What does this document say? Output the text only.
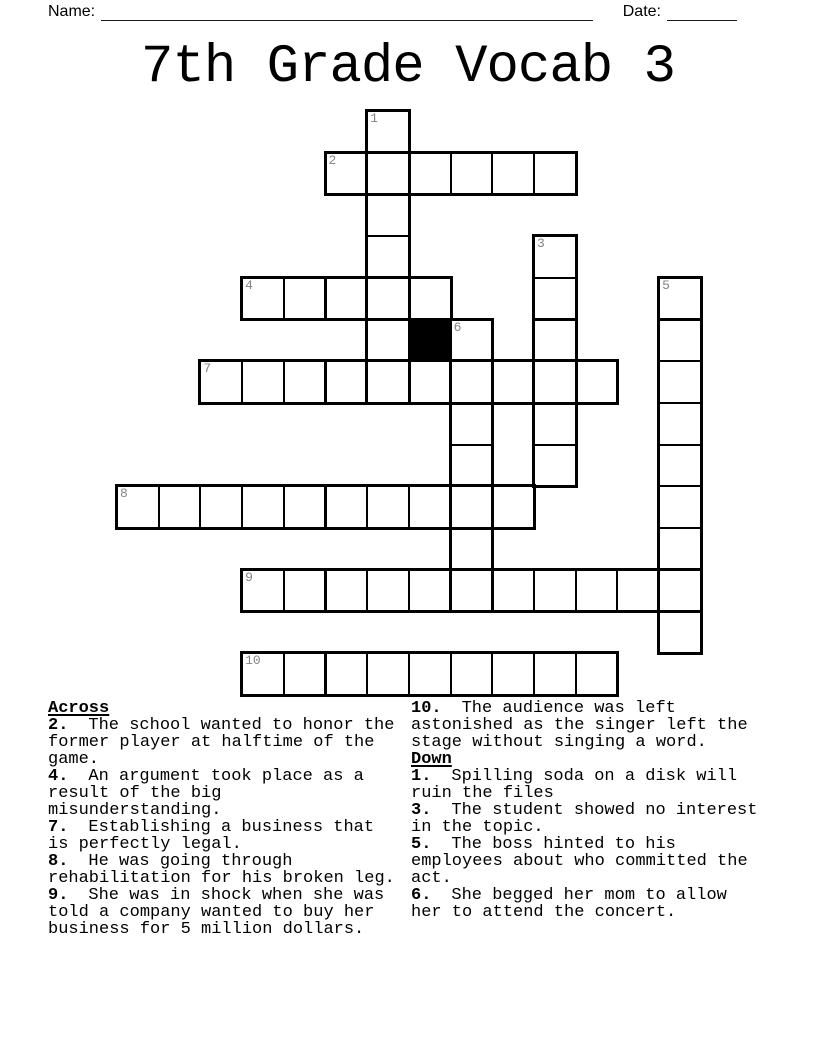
Name:	Date:
7th Grade Vocab 3
1
2
3
4	5
6
7
8
9
10

Across

2. The school wanted to honor the former player at halftime of the game.

4. An argument took place as a result of the big misunderstanding.

7. Establishing a business that is perfectly legal.

8. He was going through rehabilitation for his broken leg.

9. She was in shock when she was told a company wanted to buy her business for 5 million dollars.

10. The audience was left astonished as the singer left the stage without singing a word.

Down

1. Spilling soda on a disk will ruin the files

3. The student showed no interest in the topic.

5. The boss hinted to his employees about who committed the act.

6. She begged her mom to allow her to attend the concert.
